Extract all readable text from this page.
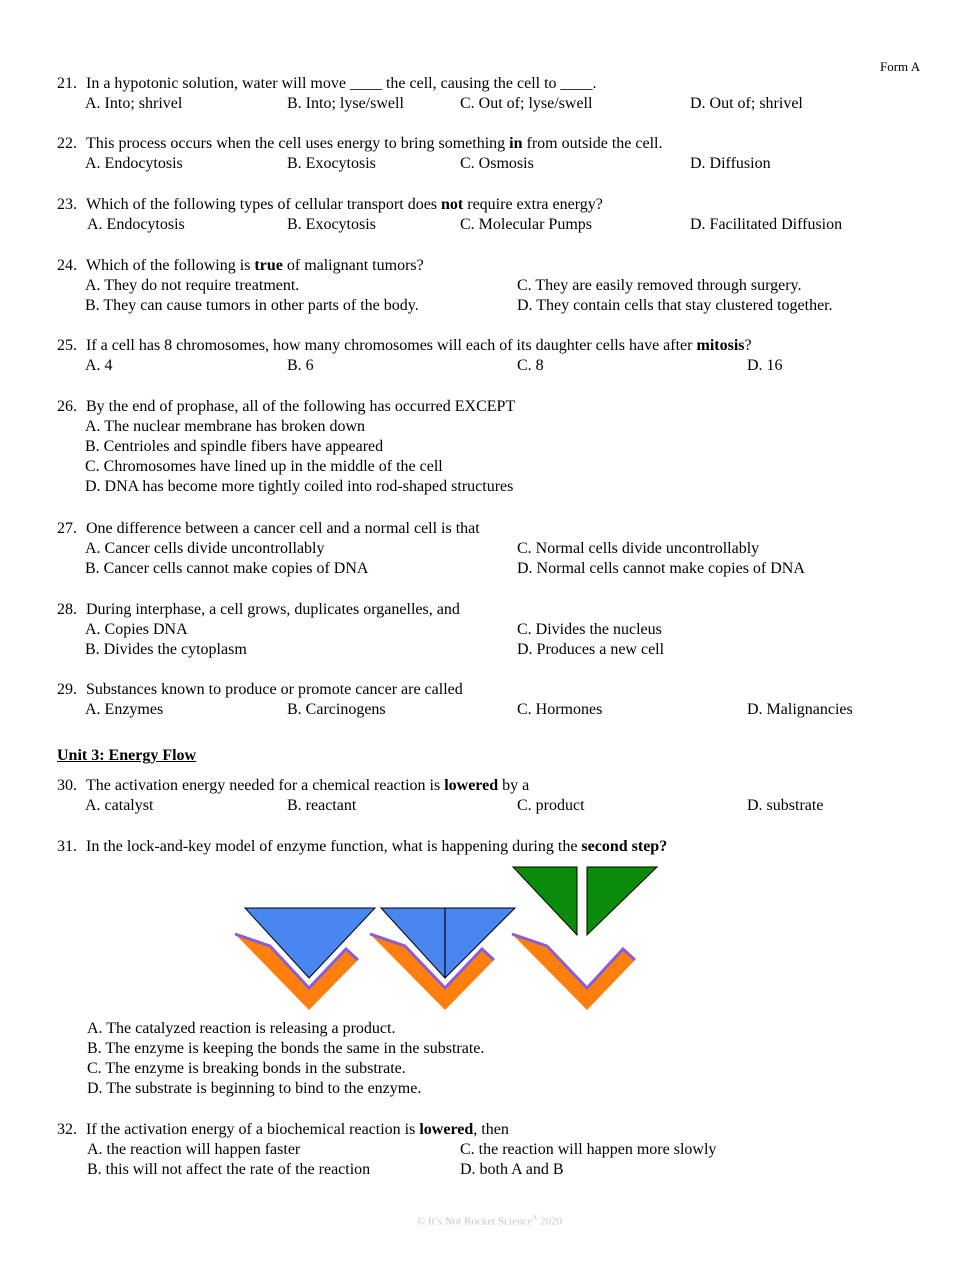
Form A
21. In a hypotonic solution, water will move ____ the cell, causing the cell to ____.
A. Into; shrivel	B. Into; lyse/swell	C. Out of; lyse/swell	D. Out of; shrivel
22. This process occurs when the cell uses energy to bring something in from outside the cell.
A. Endocytosis	B. Exocytosis	C. Osmosis	D. Diffusion
23. Which of the following types of cellular transport does not require extra energy?
A. Endocytosis	B. Exocytosis	C. Molecular Pumps	D. Facilitated Diffusion
24. Which of the following is true of malignant tumors?
A. They do not require treatment.	C. They are easily removed through surgery.
B. They can cause tumors in other parts of the body.	D. They contain cells that stay clustered together.
25. If a cell has 8 chromosomes, how many chromosomes will each of its daughter cells have after mitosis?
A. 4	B. 6	C. 8	D. 16
26. By the end of prophase, all of the following has occurred EXCEPT
A. The nuclear membrane has broken down
B. Centrioles and spindle fibers have appeared
C. Chromosomes have lined up in the middle of the cell
D. DNA has become more tightly coiled into rod-shaped structures
27. One difference between a cancer cell and a normal cell is that
A. Cancer cells divide uncontrollably	C. Normal cells divide uncontrollably
B. Cancer cells cannot make copies of DNA	D. Normal cells cannot make copies of DNA
28. During interphase, a cell grows, duplicates organelles, and
A. Copies DNA	C. Divides the nucleus
B. Divides the cytoplasm	D. Produces a new cell
29. Substances known to produce or promote cancer are called
A. Enzymes	B. Carcinogens	C. Hormones	D. Malignancies
Unit 3: Energy Flow
30. The activation energy needed for a chemical reaction is lowered by a
A. catalyst	B. reactant	C. product	D. substrate
31. In the lock-and-key model of enzyme function, what is happening during the second step?
A. The catalyzed reaction is releasing a product.
B. The enzyme is keeping the bonds the same in the substrate.
C. The enzyme is breaking bonds in the substrate.
D. The substrate is beginning to bind to the enzyme.
32. If the activation energy of a biochemical reaction is lowered, then
A. the reaction will happen faster	C. the reaction will happen more slowly
B. this will not affect the rate of the reaction	D. both A and B
© It’s Not Rocket Science® 2020
